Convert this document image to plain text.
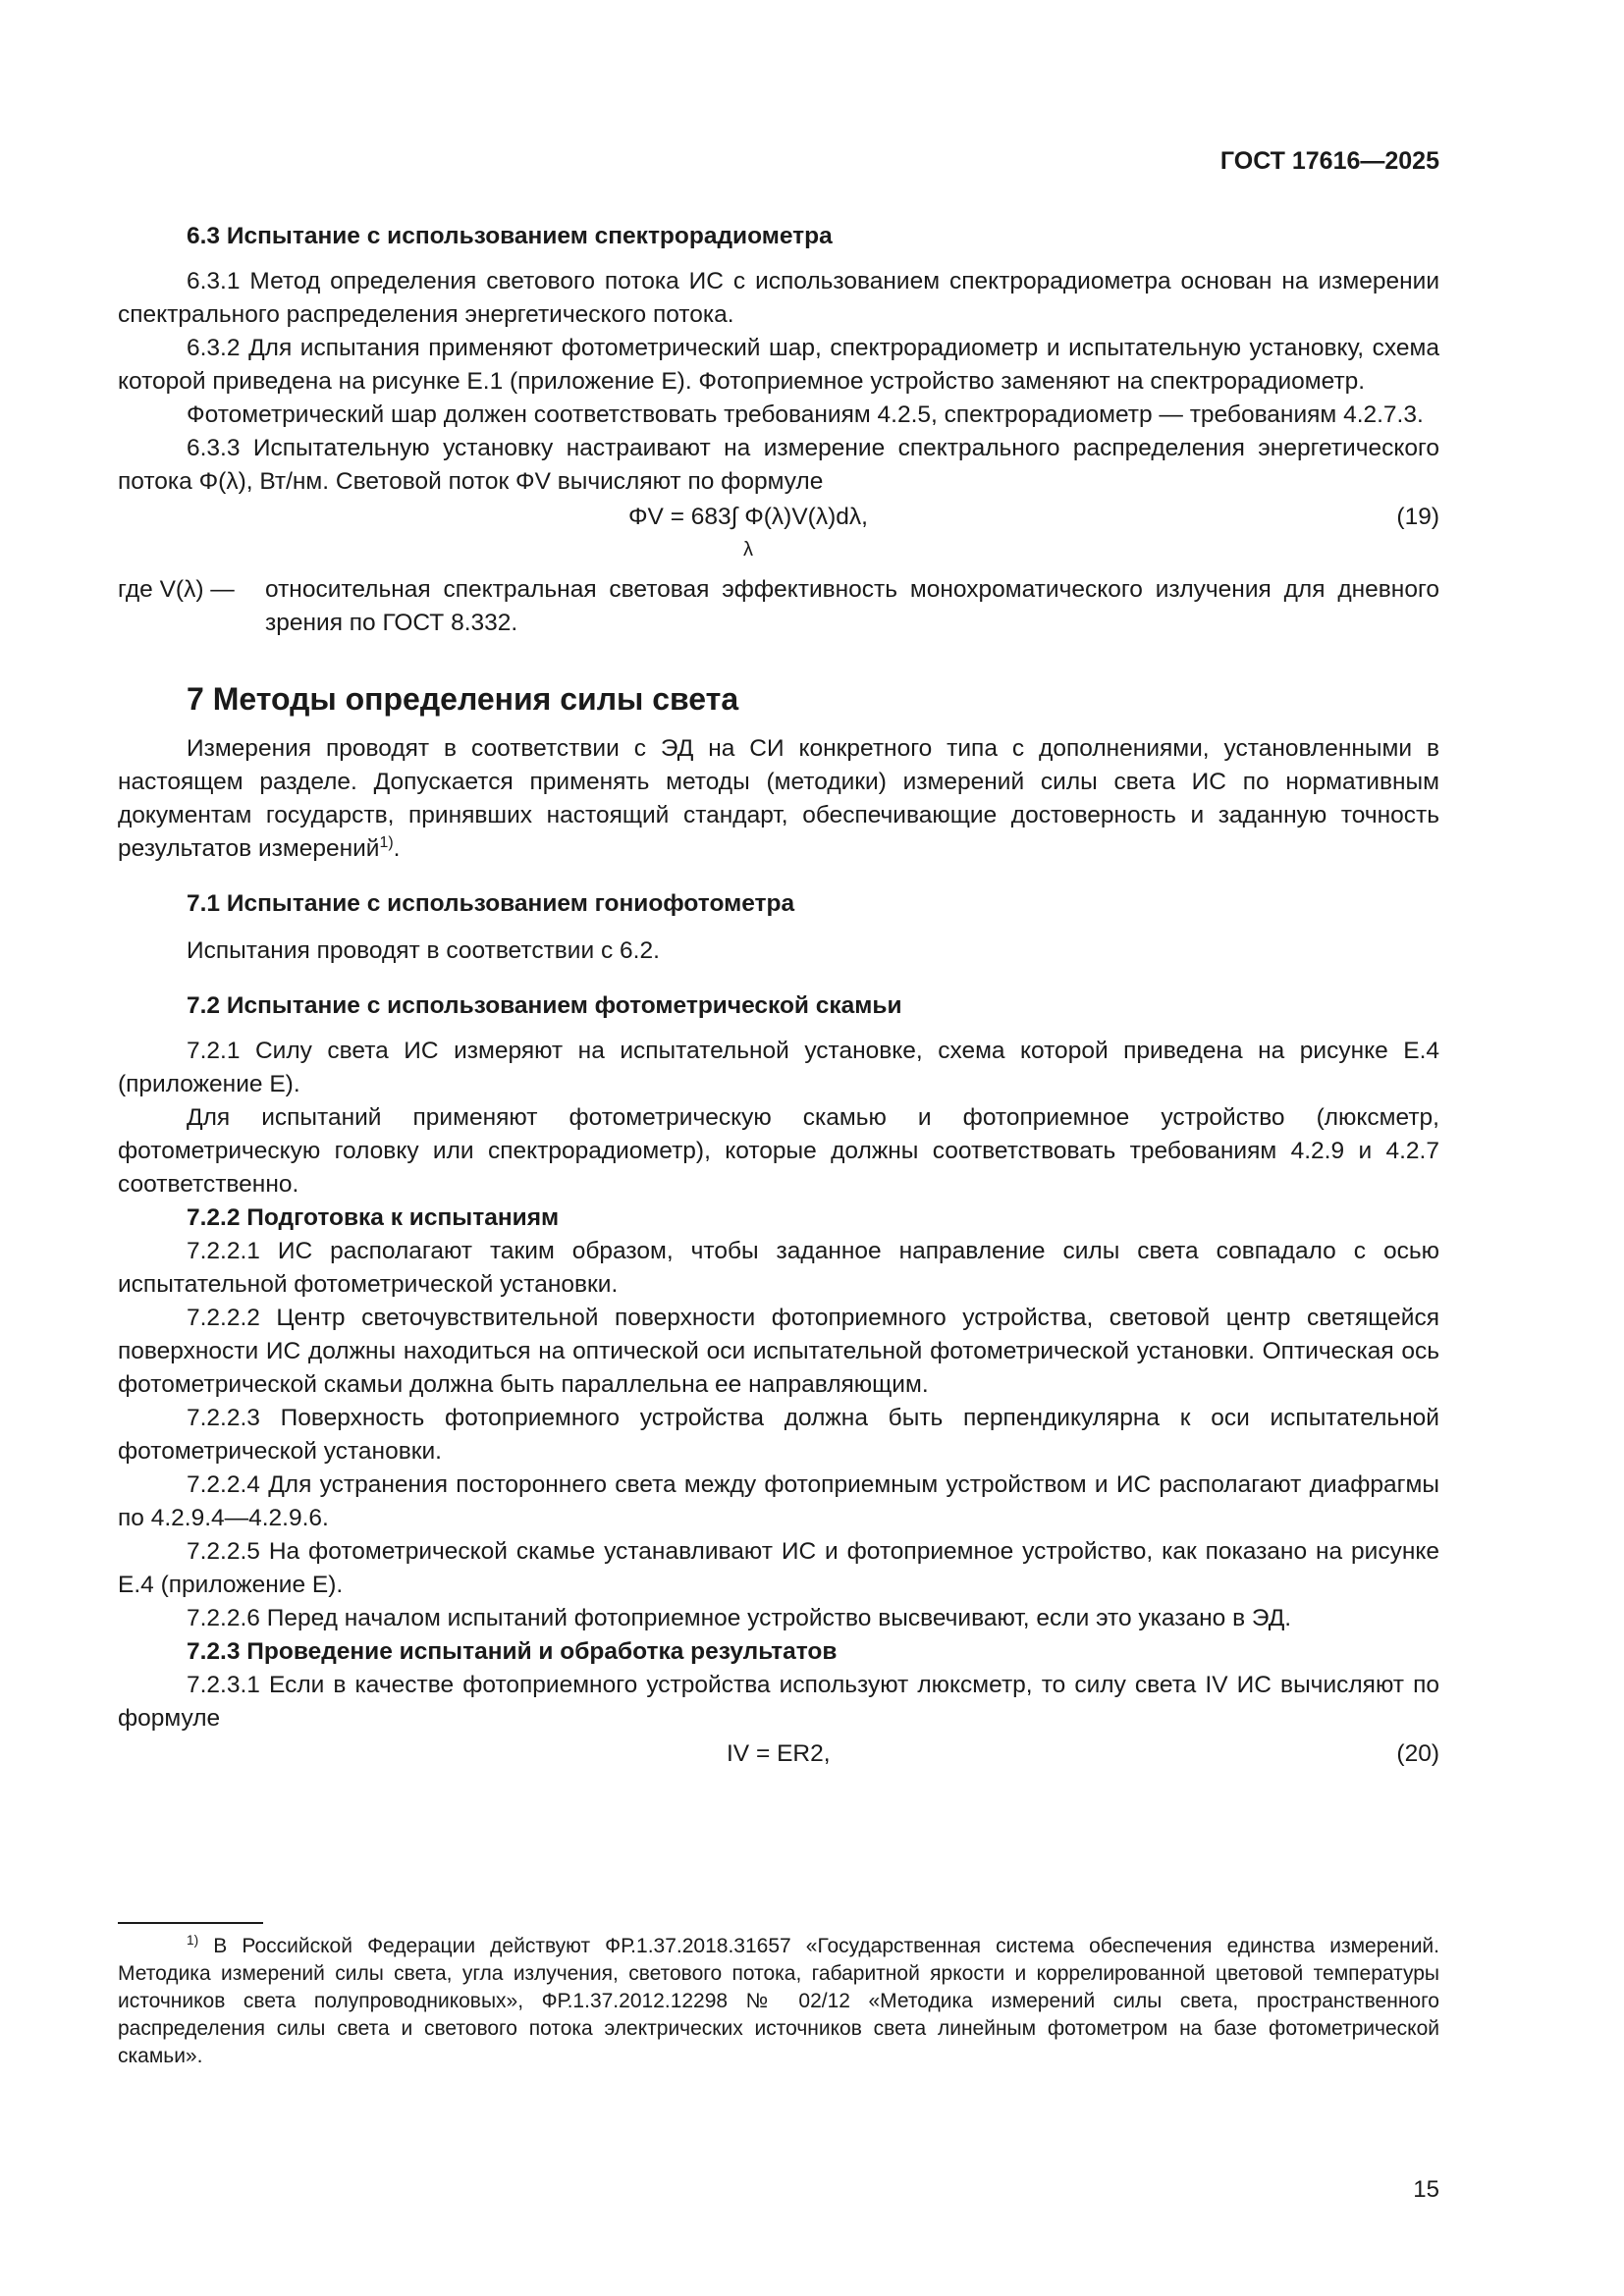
ГОСТ 17616—2025

6.3 Испытание с использованием спектрорадиометра

6.3.1 Метод определения светового потока ИС с использованием спектрорадиометра основан на измерении спектрального распределения энергетического потока.

6.3.2 Для испытания применяют фотометрический шар, спектрорадиометр и испытательную установку, схема которой приведена на рисунке Е.1 (приложение Е). Фотоприемное устройство заменяют на спектрорадиометр.

Фотометрический шар должен соответствовать требованиям 4.2.5, спектрорадиометр — требованиям 4.2.7.3.

6.3.3 Испытательную установку настраивают на измерение спектрального распределения энергетического потока Φ(λ), Вт/нм. Световой поток ΦV вычисляют по формуле

ΦV = 683∫ Φ(λ)V(λ)dλ,
λ
(19)
где V(λ) —	относительная спектральная световая эффективность монохроматического излучения для дневного зрения по ГОСТ 8.332.

7 Методы определения силы света

Измерения проводят в соответствии с ЭД на СИ конкретного типа с дополнениями, установленными в настоящем разделе. Допускается применять методы (методики) измерений силы света ИС по нормативным документам государств, принявших настоящий стандарт, обеспечивающие достоверность и заданную точность результатов измерений$^{1)}$.

7.1 Испытание с использованием гониофотометра

Испытания проводят в соответствии с 6.2.

7.2 Испытание с использованием фотометрической скамьи

7.2.1 Силу света ИС измеряют на испытательной установке, схема которой приведена на рисунке Е.4 (приложение Е).

Для испытаний применяют фотометрическую скамью и фотоприемное устройство (люксметр, фотометрическую головку или спектрорадиометр), которые должны соответствовать требованиям 4.2.9 и 4.2.7 соответственно.

7.2.2 Подготовка к испытаниям

7.2.2.1 ИС располагают таким образом, чтобы заданное направление силы света совпадало с осью испытательной фотометрической установки.

7.2.2.2 Центр светочувствительной поверхности фотоприемного устройства, световой центр светящейся поверхности ИС должны находиться на оптической оси испытательной фотометрической установки. Оптическая ось фотометрической скамьи должна быть параллельна ее направляющим.

7.2.2.3 Поверхность фотоприемного устройства должна быть перпендикулярна к оси испытательной фотометрической установки.

7.2.2.4 Для устранения постороннего света между фотоприемным устройством и ИС располагают диафрагмы по 4.2.9.4—4.2.9.6.

7.2.2.5 На фотометрической скамье устанавливают ИС и фотоприемное устройство, как показано на рисунке Е.4 (приложение Е).

7.2.2.6 Перед началом испытаний фотоприемное устройство высвечивают, если это указано в ЭД.

7.2.3 Проведение испытаний и обработка результатов

7.2.3.1 Если в качестве фотоприемного устройства используют люксметр, то силу света IV ИС вычисляют по формуле

IV = ER2,	(20)

$^{1)}$ В Российской Федерации действуют ФР.1.37.2018.31657 «Государственная система обеспечения единства измерений. Методика измерений силы света, угла излучения, светового потока, габаритной яркости и коррелированной цветовой температуры источников света полупроводниковых», ФР.1.37.2012.12298 № 02/12 «Методика измерений силы света, пространственного распределения силы света и светового потока электрических источников света линейным фотометром на базе фотометрической скамьи».

15
